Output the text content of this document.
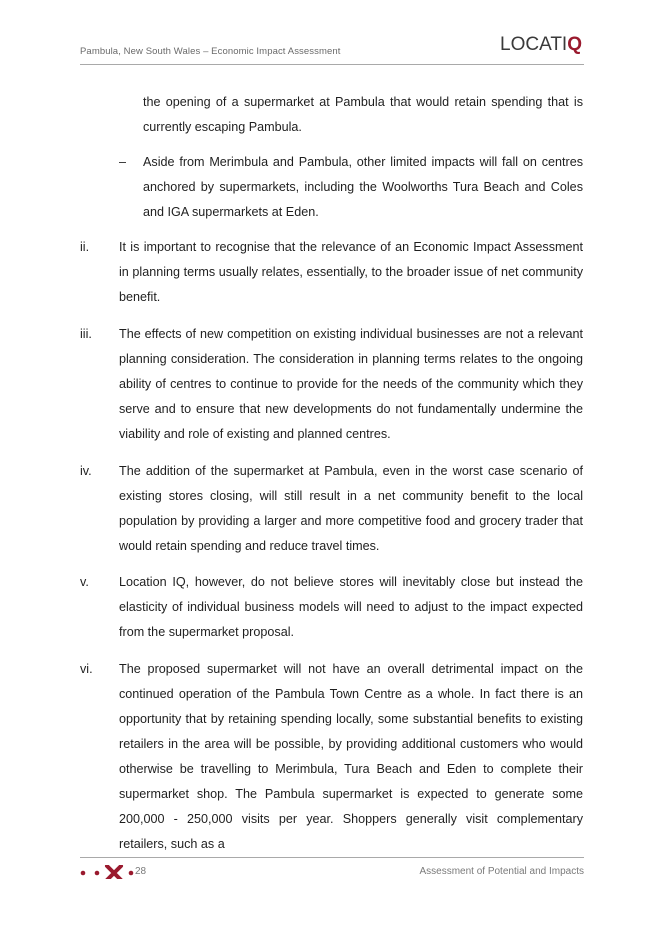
Pambula, New South Wales – Economic Impact Assessment	LOCATIQ
the opening of a supermarket at Pambula that would retain spending that is currently escaping Pambula.
– Aside from Merimbula and Pambula, other limited impacts will fall on centres anchored by supermarkets, including the Woolworths Tura Beach and Coles and IGA supermarkets at Eden.
ii. It is important to recognise that the relevance of an Economic Impact Assessment in planning terms usually relates, essentially, to the broader issue of net community benefit.
iii. The effects of new competition on existing individual businesses are not a relevant planning consideration. The consideration in planning terms relates to the ongoing ability of centres to continue to provide for the needs of the community which they serve and to ensure that new developments do not fundamentally undermine the viability and role of existing and planned centres.
iv. The addition of the supermarket at Pambula, even in the worst case scenario of existing stores closing, will still result in a net community benefit to the local population by providing a larger and more competitive food and grocery trader that would retain spending and reduce travel times.
v. Location IQ, however, do not believe stores will inevitably close but instead the elasticity of individual business models will need to adjust to the impact expected from the supermarket proposal.
vi. The proposed supermarket will not have an overall detrimental impact on the continued operation of the Pambula Town Centre as a whole. In fact there is an opportunity that by retaining spending locally, some substantial benefits to existing retailers in the area will be possible, by providing additional customers who would otherwise be travelling to Merimbula, Tura Beach and Eden to complete their supermarket shop. The Pambula supermarket is expected to generate some 200,000 - 250,000 visits per year. Shoppers generally visit complementary retailers, such as a
28	Assessment of Potential and Impacts
